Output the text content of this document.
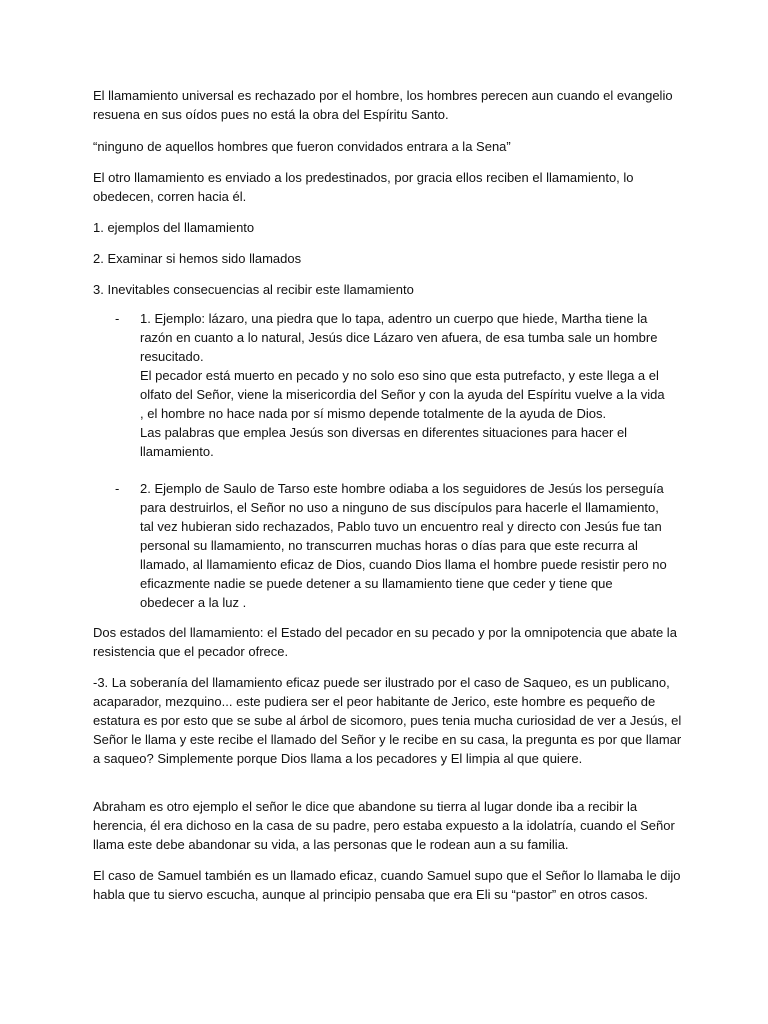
El llamamiento universal es rechazado por el hombre, los hombres perecen aun cuando el evangelio resuena en sus oídos pues no está la obra del Espíritu Santo.

“ninguno de aquellos hombres que fueron convidados entrara a la Sena”

El otro llamamiento es enviado a los predestinados, por gracia ellos reciben el llamamiento, lo obedecen, corren hacia él.

1. ejemplos del llamamiento

2. Examinar si hemos sido llamados

3. Inevitables consecuencias al recibir este llamamiento

- 1. Ejemplo: lázaro, una piedra que lo tapa, adentro un cuerpo que hiede, Martha tiene la razón en cuanto a lo natural, Jesús dice Lázaro ven afuera, de esa tumba sale un hombre resucitado.
El pecador está muerto en pecado y no solo eso sino que esta putrefacto, y este llega a el olfato del Señor, viene la misericordia del Señor y con la ayuda del Espíritu vuelve a la vida , el hombre no hace nada por sí mismo depende totalmente de la ayuda de Dios.
Las palabras que emplea Jesús son diversas en diferentes situaciones para hacer el llamamiento.
- 2. Ejemplo de Saulo de Tarso este hombre odiaba a los seguidores de Jesús los perseguía para destruirlos, el Señor no uso a ninguno de sus discípulos para hacerle el llamamiento, tal vez hubieran sido rechazados, Pablo tuvo un encuentro real y directo con Jesús fue tan personal su llamamiento, no transcurren muchas horas o días para que este recurra al llamado, al llamamiento eficaz de Dios, cuando Dios llama el hombre puede resistir pero no eficazmente nadie se puede detener a su llamamiento tiene que ceder y tiene que obedecer a la luz .

Dos estados del llamamiento: el Estado del pecador en su pecado y por la omnipotencia que abate la resistencia que el pecador ofrece.

-3. La soberanía del llamamiento eficaz puede ser ilustrado por el caso de Saqueo, es un publicano, acaparador, mezquino... este pudiera ser el peor habitante de Jerico, este hombre es pequeño de estatura es por esto que se sube al árbol de sicomoro, pues tenia mucha curiosidad de ver a Jesús, el Señor le llama y este recibe el llamado del Señor y le recibe en su casa, la pregunta es por que llamar a saqueo? Simplemente porque Dios llama a los pecadores y El limpia al que quiere.

Abraham es otro ejemplo el señor le dice que abandone su tierra al lugar donde iba a recibir la herencia, él era dichoso en la casa de su padre, pero estaba expuesto a la idolatría, cuando el Señor llama este debe abandonar su vida, a las personas que le rodean aun a su familia.

El caso de Samuel también es un llamado eficaz, cuando Samuel supo que el Señor lo llamaba le dijo habla que tu siervo escucha, aunque al principio pensaba que era Eli su “pastor” en otros casos.
